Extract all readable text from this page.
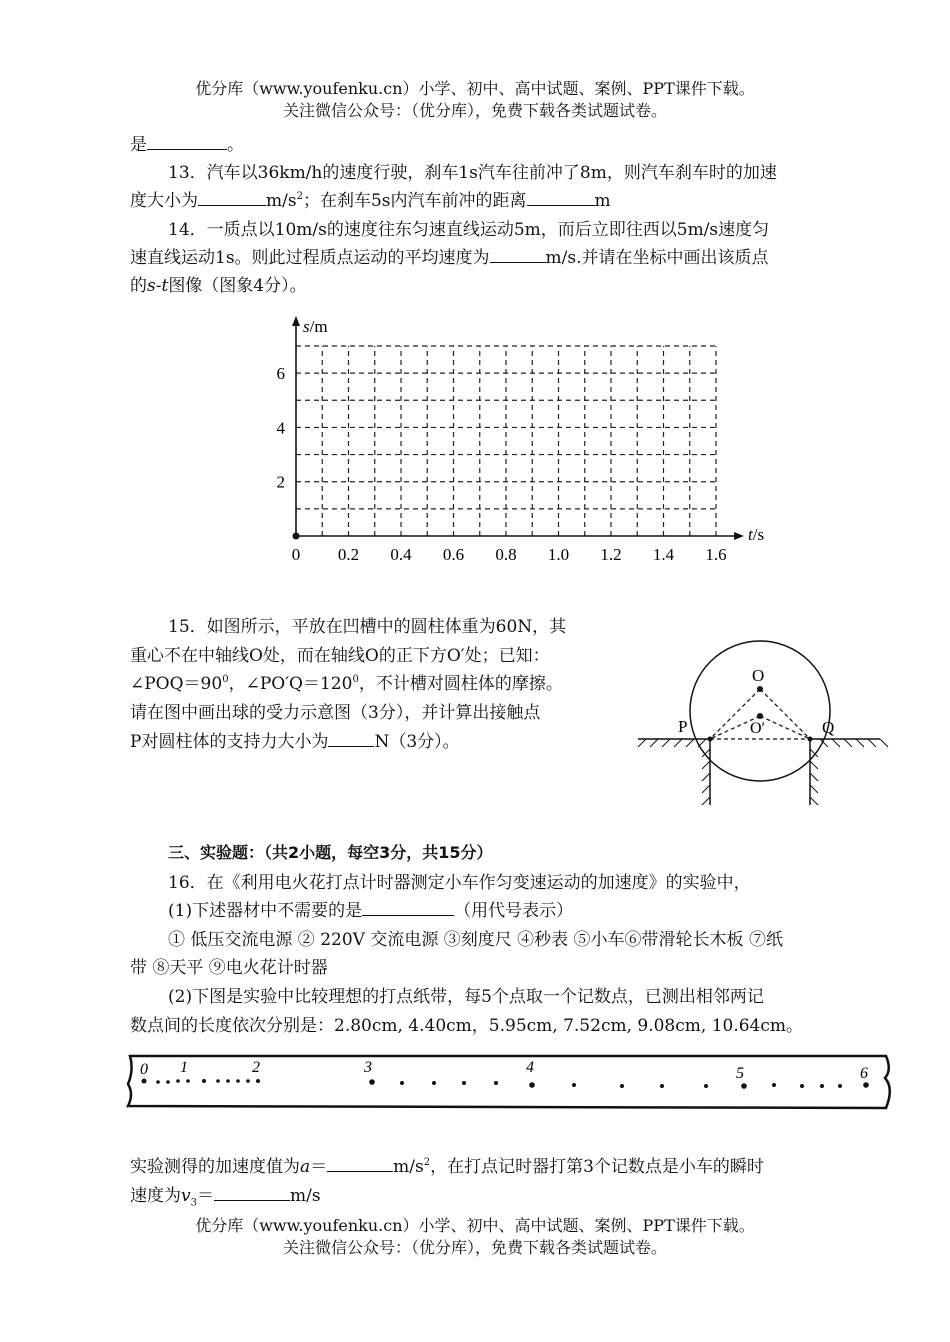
优分库（www.youfenku.cn）小学、初中、高中试题、案例、PPT课件下载。
关注微信公众号：（优分库），免费下载各类试题试卷。
是	。
13．汽车以36km/h的速度行驶，刹车1s汽车往前冲了8m，则汽车刹车时的加速
度大小为	$m/s^2$；在刹车5s内汽车前冲的距离	m
14．一质点以10m/s的速度往东匀速直线运动5m，而后立即往西以5m/s速度匀
速直线运动1s。则此过程质点运动的平均速度为	m/s.并请在坐标中画出该质点
的s-t图像（图象4分）。
0 0.2 0.4 0.6 0.8 1.0 1.2 1.4 1.6
2
4
6
s/m
t/s
15．如图所示，平放在凹槽中的圆柱体重为60N，其
重心不在中轴线O处，而在轴线O的正下方O′处；已知：
$\angle POQ=90^0$，$\angle PO'Q=120^0$，不计槽对圆柱体的摩擦。
请在图中画出球的受力示意图（3分），并计算出接触点
P对圆柱体的支持力大小为	N（3分）。
O
O′
P	Q
三、实验题：（共2小题，每空3分，共15分）
16．在《利用电火花打点计时器测定小车作匀变速运动的加速度》的实验中，
(1)下述器材中不需要的是	（用代号表示）
① 低压交流电源 ② 220V 交流电源 ③刻度尺 ④秒表 ⑤小车⑥带滑轮长木板 ⑦纸
带 ⑧天平 ⑨电火花计时器
(2)下图是实验中比较理想的打点纸带，每5个点取一个记数点，已测出相邻两记
数点间的长度依次分别是：2.80cm, 4.40cm，5.95cm, 7.52cm, 9.08cm, 10.64cm。
0 1	2	3	4	5	6
实验测得的加速度值为a＝	$m/s^2$，在打点记时器打第3个记数点是小车的瞬时
速度为$v_3=$	m/s
优分库（www.youfenku.cn）小学、初中、高中试题、案例、PPT课件下载。
关注微信公众号：（优分库），免费下载各类试题试卷。
